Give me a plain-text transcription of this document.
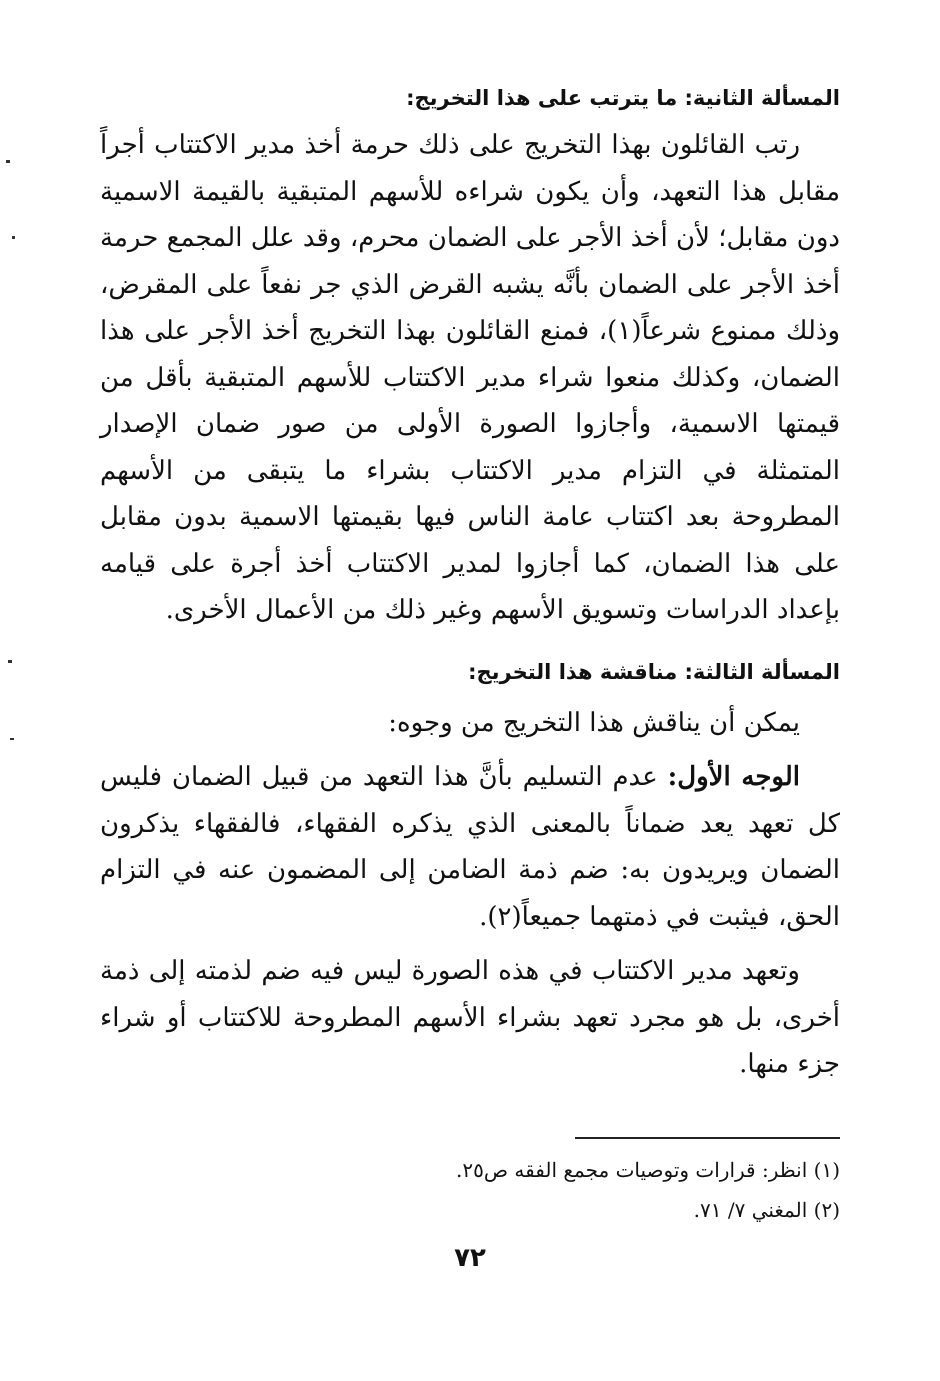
المسألة الثانية: ما يترتب على هذا التخريج:

رتب القائلون بهذا التخريج على ذلك حرمة أخذ مدير الاكتتاب أجراً مقابل هذا التعهد، وأن يكون شراءه للأسهم المتبقية بالقيمة الاسمية دون مقابل؛ لأن أخذ الأجر على الضمان محرم، وقد علل المجمع حرمة أخذ الأجر على الضمان بأنَّه يشبه القرض الذي جر نفعاً على المقرض، وذلك ممنوع شرعاً(١)، فمنع القائلون بهذا التخريج أخذ الأجر على هذا الضمان، وكذلك منعوا شراء مدير الاكتتاب للأسهم المتبقية بأقل من قيمتها الاسمية، وأجازوا الصورة الأولى من صور ضمان الإصدار المتمثلة في التزام مدير الاكتتاب بشراء ما يتبقى من الأسهم المطروحة بعد اكتتاب عامة الناس فيها بقيمتها الاسمية بدون مقابل على هذا الضمان، كما أجازوا لمدير الاكتتاب أخذ أجرة على قيامه بإعداد الدراسات وتسويق الأسهم وغير ذلك من الأعمال الأخرى.

المسألة الثالثة: مناقشة هذا التخريج:

يمكن أن يناقش هذا التخريج من وجوه:

الوجه الأول: عدم التسليم بأنَّ هذا التعهد من قبيل الضمان فليس كل تعهد يعد ضماناً بالمعنى الذي يذكره الفقهاء، فالفقهاء يذكرون الضمان ويريدون به: ضم ذمة الضامن إلى المضمون عنه في التزام الحق، فيثبت في ذمتهما جميعاً(٢).

وتعهد مدير الاكتتاب في هذه الصورة ليس فيه ضم لذمته إلى ذمة أخرى، بل هو مجرد تعهد بشراء الأسهم المطروحة للاكتتاب أو شراء جزء منها.

(١) انظر: قرارات وتوصيات مجمع الفقه ص٢٥.

(٢) المغني ٧/ ٧١.

٧٢
